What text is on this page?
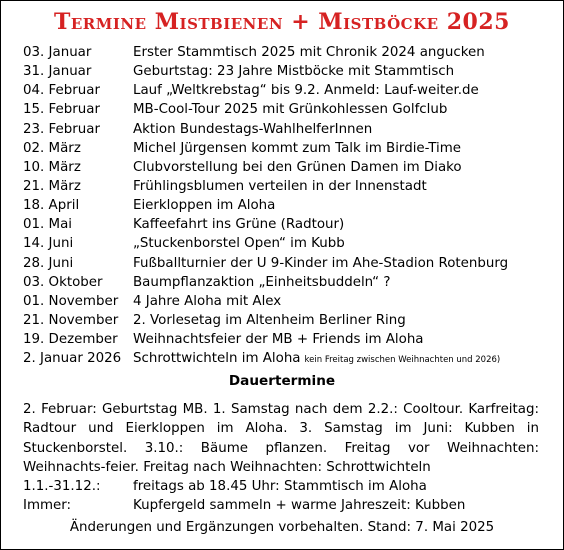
Termine Mistbienen + Mistböcke 2025
03. Januar	Erster Stammtisch 2025 mit Chronik 2024 angucken
31. Januar	Geburtstag: 23 Jahre Mistböcke mit Stammtisch
04. Februar Lauf „Weltkrebstag“ bis 9.2. Anmeld: Lauf-weiter.de
15. Februar MB-Cool-Tour 2025 mit Grünkohlessen Golfclub
23. Februar Aktion Bundestags-WahlhelferInnen
02. März	Michel Jürgensen kommt zum Talk im Birdie-Time
10. März	Clubvorstellung bei den Grünen Damen im Diako
21. März	Frühlingsblumen verteilen in der Innenstadt
18. April	Eierkloppen im Aloha
01. Mai	Kaffeefahrt ins Grüne (Radtour)
14. Juni	„Stuckenborstel Open“ im Kubb
28. Juni	Fußballturnier der U 9-Kinder im Ahe-Stadion Rotenburg
03. Oktober Baumpflanzaktion „Einheitsbuddeln“ ?
01. November 4 Jahre Aloha mit Alex
21. November 2. Vorlesetag im Altenheim Berliner Ring
19. Dezember Weihnachtsfeier der MB + Friends im Aloha
2. Januar 2026 Schrottwichteln im Aloha kein Freitag zwischen Weihnachten und 2026)
Dauertermine
2. Februar: Geburtstag MB. 1. Samstag nach dem 2.2.: Cooltour. Karfreitag: Radtour und Eierkloppen im Aloha. 3. Samstag im Juni: Kubben in Stuckenborstel. 3.10.: Bäume pflanzen. Freitag vor Weihnachten: Weihnachts-feier. Freitag nach Weihnachten: Schrottwichteln
1.1.-31.12.: freitags ab 18.45 Uhr: Stammtisch im Aloha
Immer:	Kupfergeld sammeln + warme Jahreszeit: Kubben
Änderungen und Ergänzungen vorbehalten. Stand: 7. Mai 2025
